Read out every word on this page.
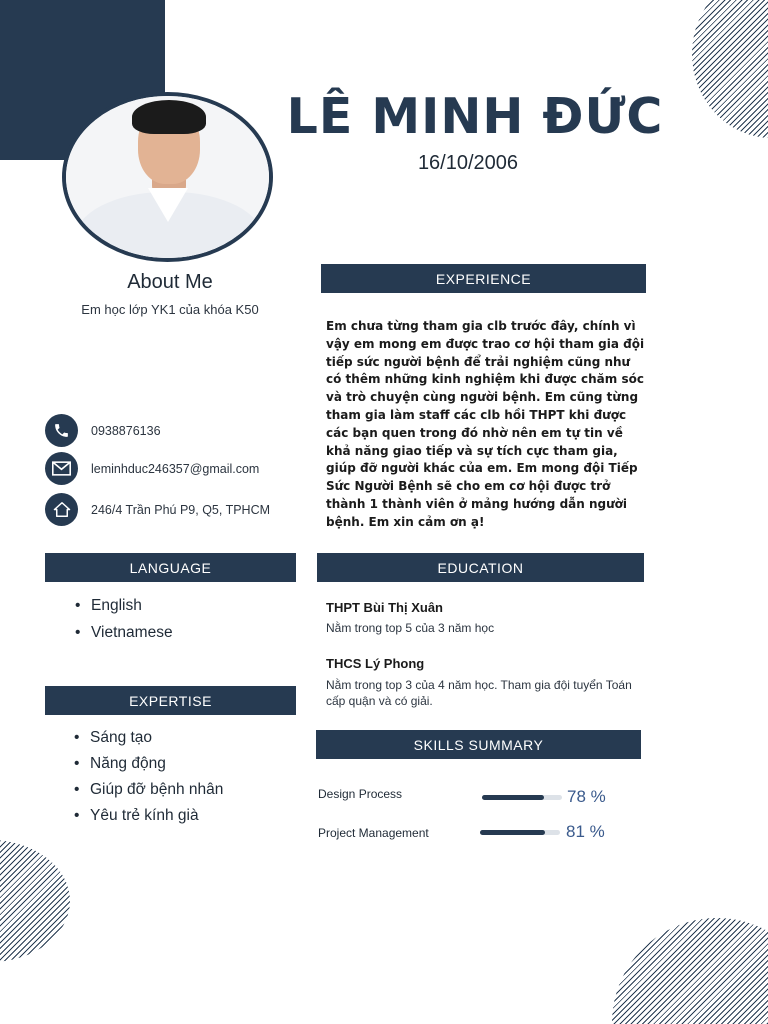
LÊ MINH ĐỨC
16/10/2006
About Me
Em học lớp YK1 của khóa K50
0938876136
leminhduc246357@gmail.com
246/4 Trần Phú P9, Q5, TPHCM
EXPERIENCE
Em chưa từng tham gia clb trước đây, chính vì vậy em mong em được trao cơ hội tham gia đội tiếp sức người bệnh để trải nghiệm cũng như có thêm những kinh nghiệm khi được chăm sóc và trò chuyện cùng người bệnh. Em cũng từng tham gia làm staff các clb hồi THPT khi được các bạn quen trong đó nhờ nên em tự tin về khả năng giao tiếp và sự tích cực tham gia, giúp đỡ người khác của em. Em mong đội Tiếp Sức Người Bệnh sẽ cho em cơ hội được trở thành 1 thành viên ở mảng hướng dẫn người bệnh. Em xin cảm ơn ạ!
LANGUAGE
• English
• Vietnamese
EXPERTISE
• Sáng tạo
• Năng động
• Giúp đỡ bệnh nhân
• Yêu trẻ kính già
EDUCATION
THPT Bùi Thị Xuân
Nằm trong top 5 của 3 năm học
THCS Lý Phong
Nằm trong top 3 của 4 năm học. Tham gia đội tuyển Toán cấp quận và có giải.
SKILLS SUMMARY
Design Process	78 %
Project Management	81 %
